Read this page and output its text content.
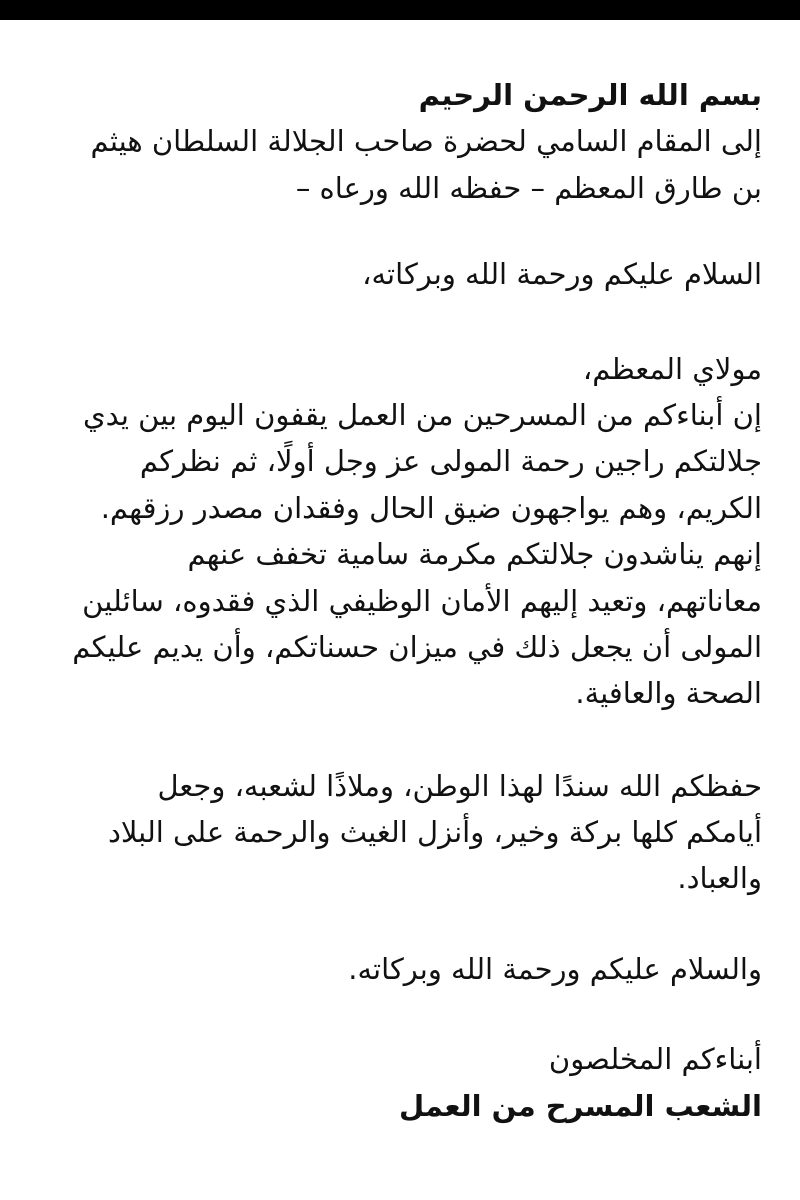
بسم الله الرحمن الرحيم
إلى المقام السامي لحضرة صاحب الجلالة السلطان هيثم
بن طارق المعظم – حفظه الله ورعاه –
السلام عليكم ورحمة الله وبركاته،
مولاي المعظم،
إن أبناءكم من المسرحين من العمل يقفون اليوم بين يدي
جلالتكم راجين رحمة المولى عز وجل أولًا، ثم نظركم
الكريم، وهم يواجهون ضيق الحال وفقدان مصدر رزقهم.
إنهم يناشدون جلالتكم مكرمة سامية تخفف عنهم
معاناتهم، وتعيد إليهم الأمان الوظيفي الذي فقدوه، سائلين
المولى أن يجعل ذلك في ميزان حسناتكم، وأن يديم عليكم
الصحة والعافية.
حفظكم الله سندًا لهذا الوطن، وملاذًا لشعبه، وجعل
أيامكم كلها بركة وخير، وأنزل الغيث والرحمة على البلاد
والعباد.
والسلام عليكم ورحمة الله وبركاته.
أبناءكم المخلصون
الشعب المسرح من العمل
